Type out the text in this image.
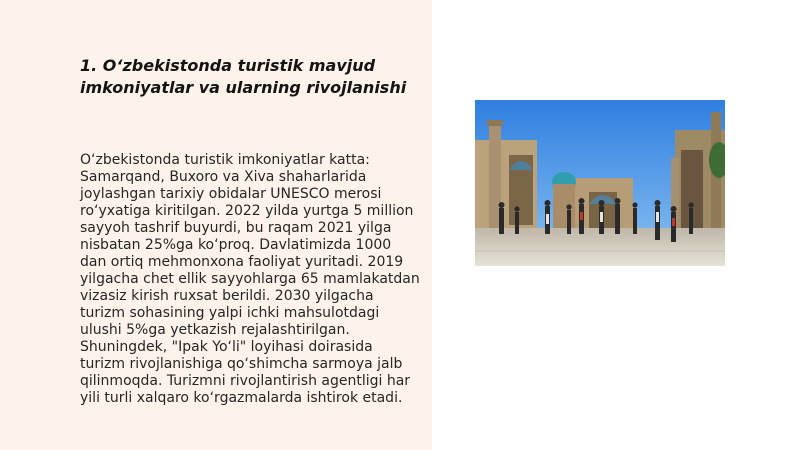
1. O‘zbekistonda turistik mavjud imkoniyatlar va ularning rivojlanishi

O‘zbekistonda turistik imkoniyatlar katta: Samarqand, Buxoro va Xiva shaharlarida joylashgan tarixiy obidalar UNESCO merosi ro‘yxatiga kiritilgan. 2022 yilda yurtga 5 million sayyoh tashrif buyurdi, bu raqam 2021 yilga nisbatan 25%ga ko‘proq. Davlatimizda 1000 dan ortiq mehmonxona faoliyat yuritadi. 2019 yilgacha chet ellik sayyohlarga 65 mamlakatdan vizasiz kirish ruxsat berildi. 2030 yilgacha turizm sohasining yalpi ichki mahsulotdagi ulushi 5%ga yetkazish rejalashtirilgan. Shuningdek, "Ipak Yo‘li" loyihasi doirasida turizm rivojlanishiga qo‘shimcha sarmoya jalb qilinmoqda. Turizmni rivojlantirish agentligi har yili turli xalqaro ko‘rgazmalarda ishtirok etadi.
